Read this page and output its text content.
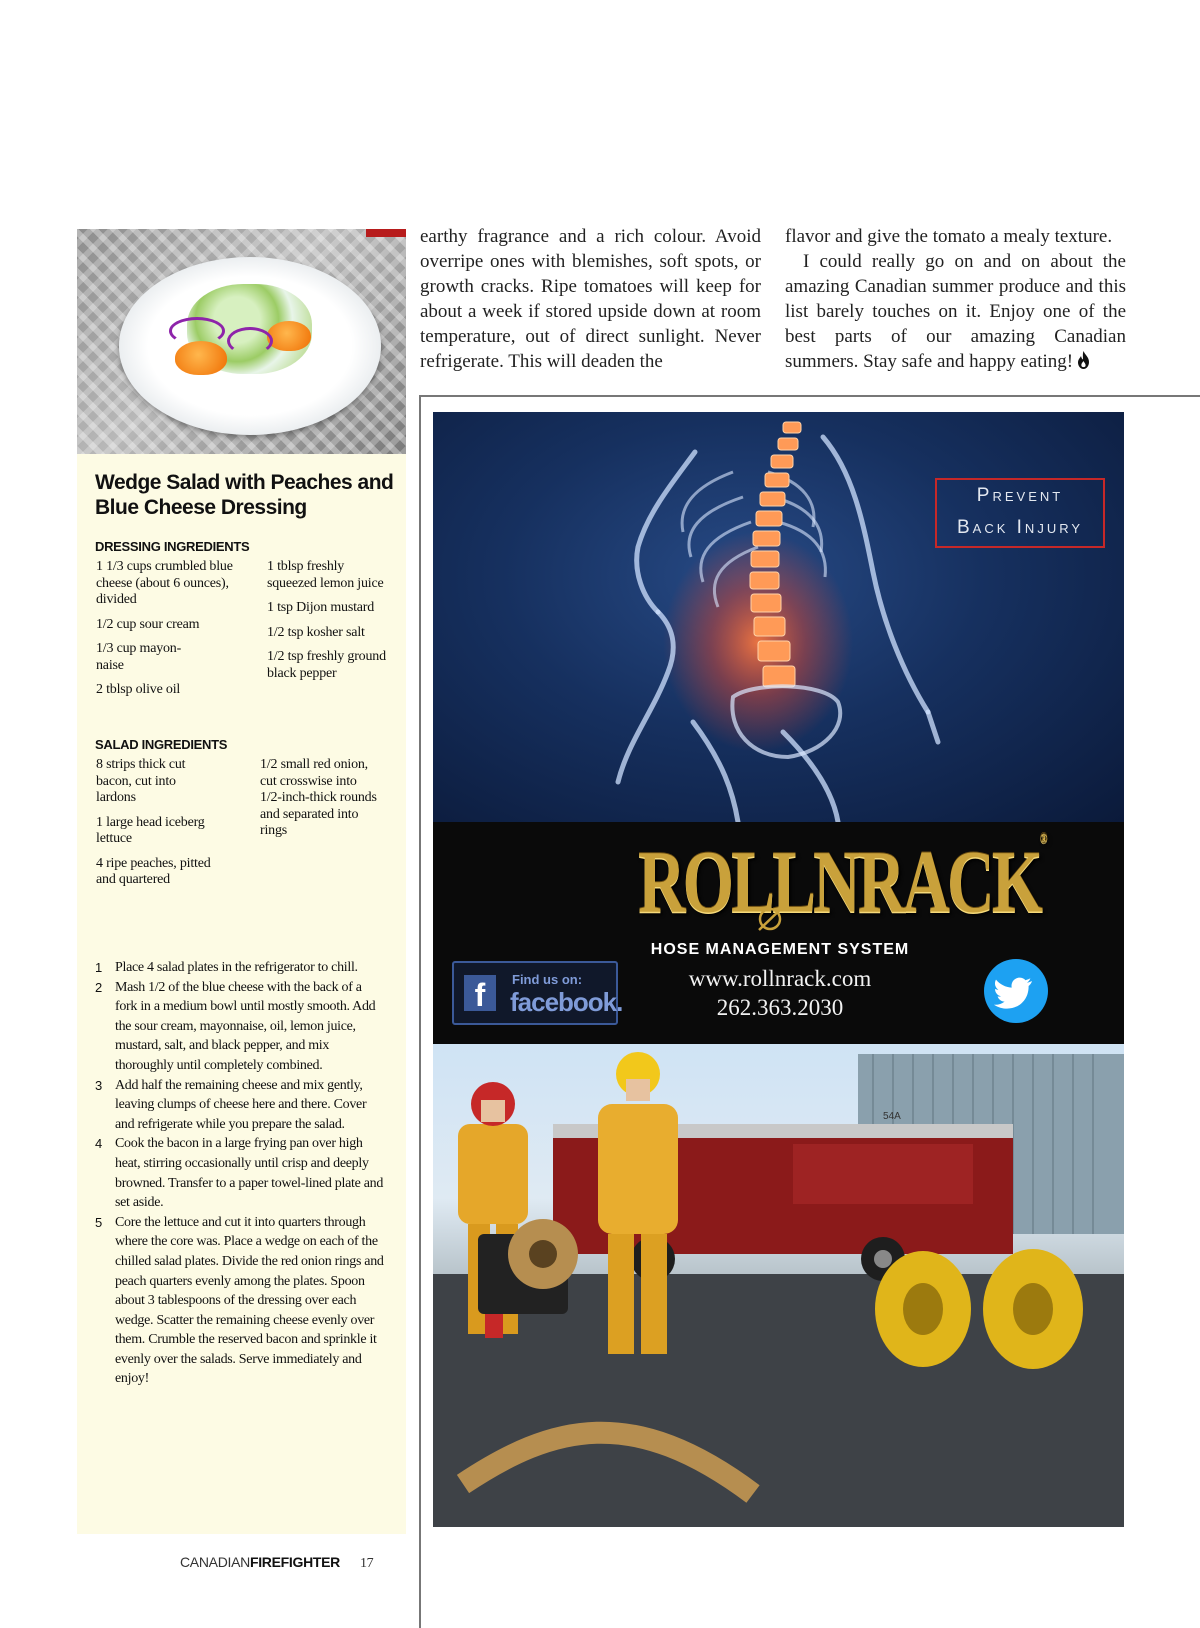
Wedge Salad with Peaches and Blue Cheese Dressing
DRESSING INGREDIENTS
1 1/3 cups crumbled blue cheese (about 6 ounces), divided
1/2 cup sour cream
1/3 cup mayon-naise
2 tblsp olive oil
1 tblsp freshly squeezed lemon juice
1 tsp Dijon mustard
1/2 tsp kosher salt
1/2 tsp freshly ground black pepper
SALAD INGREDIENTS
8 strips thick cut bacon, cut into lardons
1 large head iceberg lettuce
4 ripe peaches, pitted and quartered
1/2 small red onion, cut crosswise into 1/2-inch-thick rounds and separated into rings
1 Place 4 salad plates in the refrigerator to chill.
2 Mash 1/2 of the blue cheese with the back of a fork in a medium bowl until mostly smooth. Add the sour cream, mayonnaise, oil, lemon juice, mustard, salt, and black pepper, and mix thoroughly until completely combined.
3 Add half the remaining cheese and mix gently, leaving clumps of cheese here and there. Cover and refrigerate while you prepare the salad.
4 Cook the bacon in a large frying pan over high heat, stirring occasionally until crisp and deeply browned. Transfer to a paper towel-lined plate and set aside.
5 Core the lettuce and cut it into quarters through where the core was. Place a wedge on each of the chilled salad plates. Divide the red onion rings and peach quarters evenly among the plates. Spoon about 3 tablespoons of the dressing over each wedge. Scatter the remaining cheese evenly over them. Crumble the reserved bacon and sprinkle it evenly over the salads. Serve immediately and enjoy!
CANADIANFIREFIGHTER 17

earthy fragrance and a rich colour. Avoid overripe ones with blemishes, soft spots, or growth cracks. Ripe tomatoes will keep for about a week if stored upside down at room temperature, out of direct sunlight. Never refrigerate. This will deaden the

flavor and give the tomato a mealy texture.

I could really go on and on about the amazing Canadian summer produce and this list barely touches on it. Enjoy one of the best parts of our amazing Canadian summers. Stay safe and happy eating!

Prevent
Back Injury
ROLLNRACK®
HOSE MANAGEMENT SYSTEM
www.rollnrack.com
262.363.2030
f	Find us on:
facebook.
54A
